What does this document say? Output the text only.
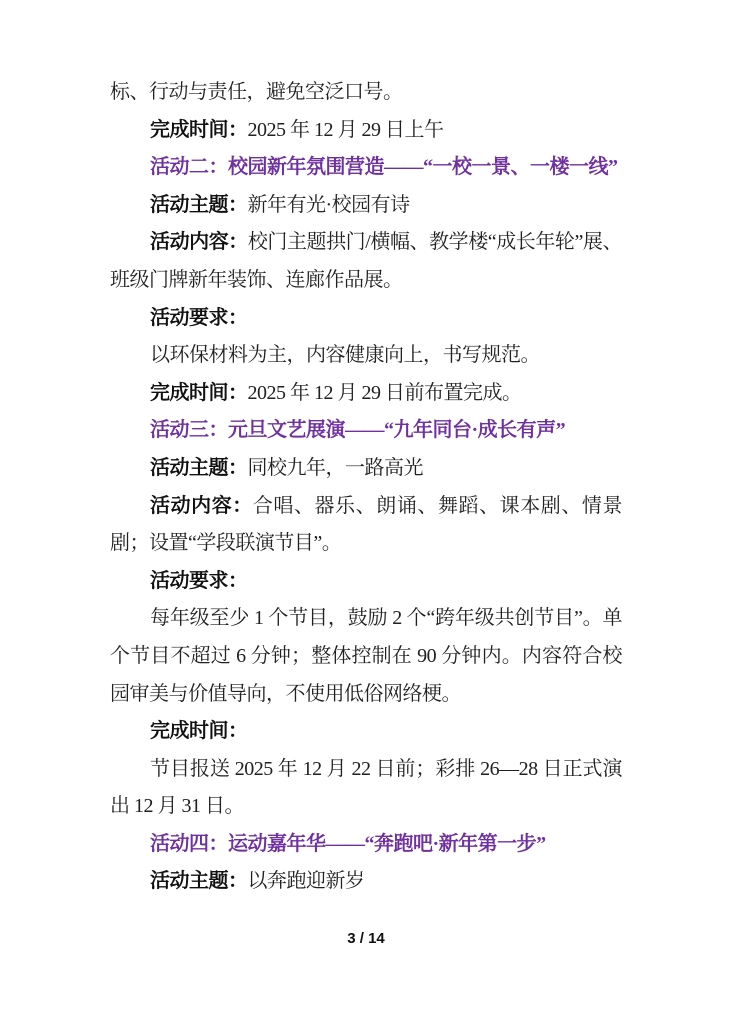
标、行动与责任，避免空泛口号。

完成时间：2025 年 12 月 29 日上午

活动二：校园新年氛围营造——“一校一景、一楼一线”

活动主题：新年有光·校园有诗

活动内容：校门主题拱门/横幅、教学楼“成长年轮”展、班级门牌新年装饰、连廊作品展。

活动要求：

以环保材料为主，内容健康向上，书写规范。

完成时间：2025 年 12 月 29 日前布置完成。

活动三：元旦文艺展演——“九年同台·成长有声”

活动主题：同校九年，一路高光

活动内容：合唱、器乐、朗诵、舞蹈、课本剧、情景剧；设置“学段联演节目”。

活动要求：

每年级至少 1 个节目，鼓励 2 个“跨年级共创节目”。单个节目不超过 6 分钟；整体控制在 90 分钟内。内容符合校园审美与价值导向，不使用低俗网络梗。

完成时间：

节目报送 2025 年 12 月 22 日前；彩排 26—28 日正式演出 12 月 31 日。

活动四：运动嘉年华——“奔跑吧·新年第一步”

活动主题：以奔跑迎新岁

3 / 14
